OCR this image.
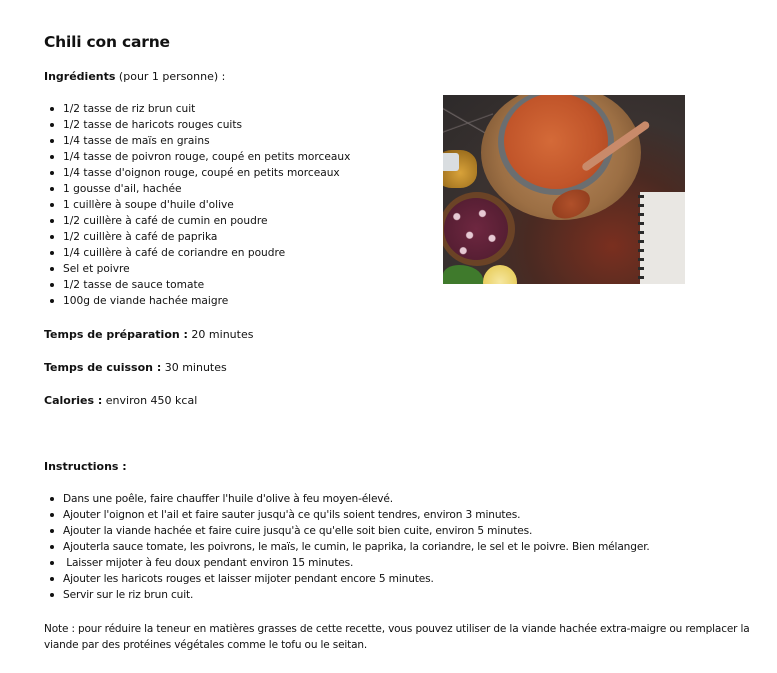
Chili con carne

Ingrédients (pour 1 personne) :

1/2 tasse de riz brun cuit
1/2 tasse de haricots rouges cuits
1/4 tasse de maïs en grains
1/4 tasse de poivron rouge, coupé en petits morceaux
1/4 tasse d'oignon rouge, coupé en petits morceaux
1 gousse d'ail, hachée
1 cuillère à soupe d'huile d'olive
1/2 cuillère à café de cumin en poudre
1/2 cuillère à café de paprika
1/4 cuillère à café de coriandre en poudre
Sel et poivre
1/2 tasse de sauce tomate
100g de viande hachée maigre

Temps de préparation : 20 minutes

Temps de cuisson : 30 minutes

Calories : environ 450 kcal

Instructions :

Dans une poêle, faire chauffer l'huile d'olive à feu moyen-élevé.
Ajouter l'oignon et l'ail et faire sauter jusqu'à ce qu'ils soient tendres, environ 3 minutes.
Ajouter la viande hachée et faire cuire jusqu'à ce qu'elle soit bien cuite, environ 5 minutes.
Ajouterla sauce tomate, les poivrons, le maïs, le cumin, le paprika, la coriandre, le sel et le poivre. Bien mélanger.
Laisser mijoter à feu doux pendant environ 15 minutes.
Ajouter les haricots rouges et laisser mijoter pendant encore 5 minutes.
Servir sur le riz brun cuit.

Note : pour réduire la teneur en matières grasses de cette recette, vous pouvez utiliser de la viande hachée extra-maigre ou remplacer la viande par des protéines végétales comme le tofu ou le seitan.
